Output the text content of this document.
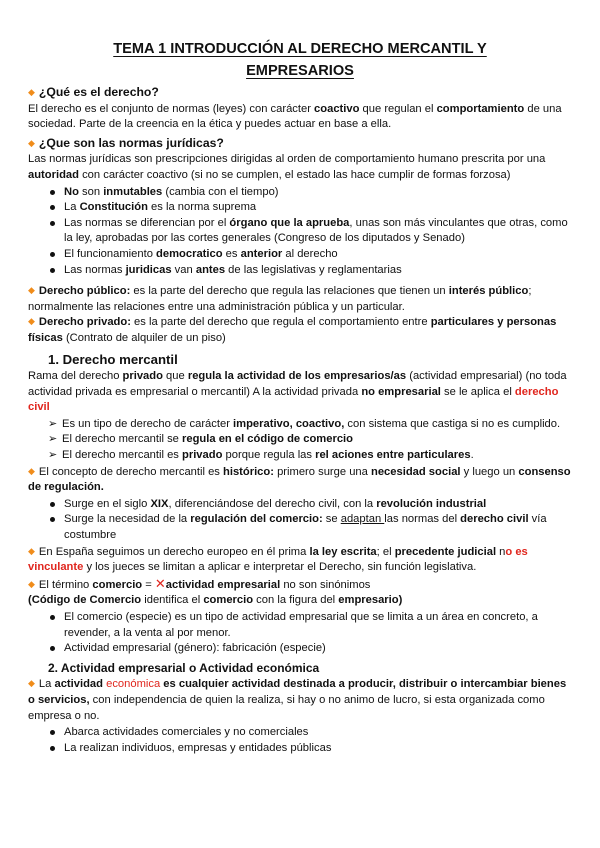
TEMA 1 INTRODUCCIÓN AL DERECHO MERCANTIL Y
EMPRESARIOS
◆ ¿Qué es el derecho?

El derecho es el conjunto de normas (leyes) con carácter coactivo que regulan el comportamiento de una sociedad. Parte de la creencia en la ética y puedes actuar en base a ella.

◆ ¿Que son las normas jurídicas?

Las normas jurídicas son prescripciones dirigidas al orden de comportamiento humano prescrita por una autoridad con carácter coactivo (si no se cumplen, el estado las hace cumplir de formas forzosa)

No son inmutables (cambia con el tiempo)
La Constitución es la norma suprema
Las normas se diferencian por el órgano que la aprueba, unas son más vinculantes que otras, como la ley, aprobadas por las cortes generales (Congreso de los diputados y Senado)
El funcionamiento democratico es anterior al derecho
Las normas juridicas van antes de las legislativas y reglamentarias

◆ Derecho público: es la parte del derecho que regula las relaciones que tienen un interés público; normalmente las relaciones entre una administración pública y un particular.

◆ Derecho privado: es la parte del derecho que regula el comportamiento entre particulares y personas físicas (Contrato de alquiler de un piso)

1. Derecho mercantil

Rama del derecho privado que regula la actividad de los empresarios/as (actividad empresarial) (no toda actividad privada es empresarial o mercantil) A la actividad privada no empresarial se le aplica el derecho civil

➢ Es un tipo de derecho de carácter imperativo, coactivo, con sistema que castiga si no es cumplido.
➢ El derecho mercantil se regula en el código de comercio
➢ El derecho mercantil es privado porque regula las rel aciones entre particulares.

◆ El concepto de derecho mercantil es histórico: primero surge una necesidad social y luego un consenso de regulación.

Surge en el siglo XIX, diferenciándose del derecho civil, con la revolución industrial
Surge la necesidad de la regulación del comercio: se adaptan las normas del derecho civil vía costumbre

◆ En España seguimos un derecho europeo en él prima la ley escrita; el precedente judicial no es vinculante y los jueces se limitan a aplicar e interpretar el Derecho, sin función legislativa.

◆ El término comercio = ✕actividad empresarial no son sinónimos

(Código de Comercio identifica el comercio con la figura del empresario)

El comercio (especie) es un tipo de actividad empresarial que se limita a un área en concreto, a revender, a la venta al por menor.
Actividad empresarial (género): fabricación (especie)
2. Actividad empresarial o Actividad económica

◆ La actividad económica es cualquier actividad destinada a producir, distribuir o intercambiar bienes o servicios, con independencia de quien la realiza, si hay o no animo de lucro, si esta organizada como empresa o no.

Abarca actividades comerciales y no comerciales
La realizan individuos, empresas y entidades públicas
